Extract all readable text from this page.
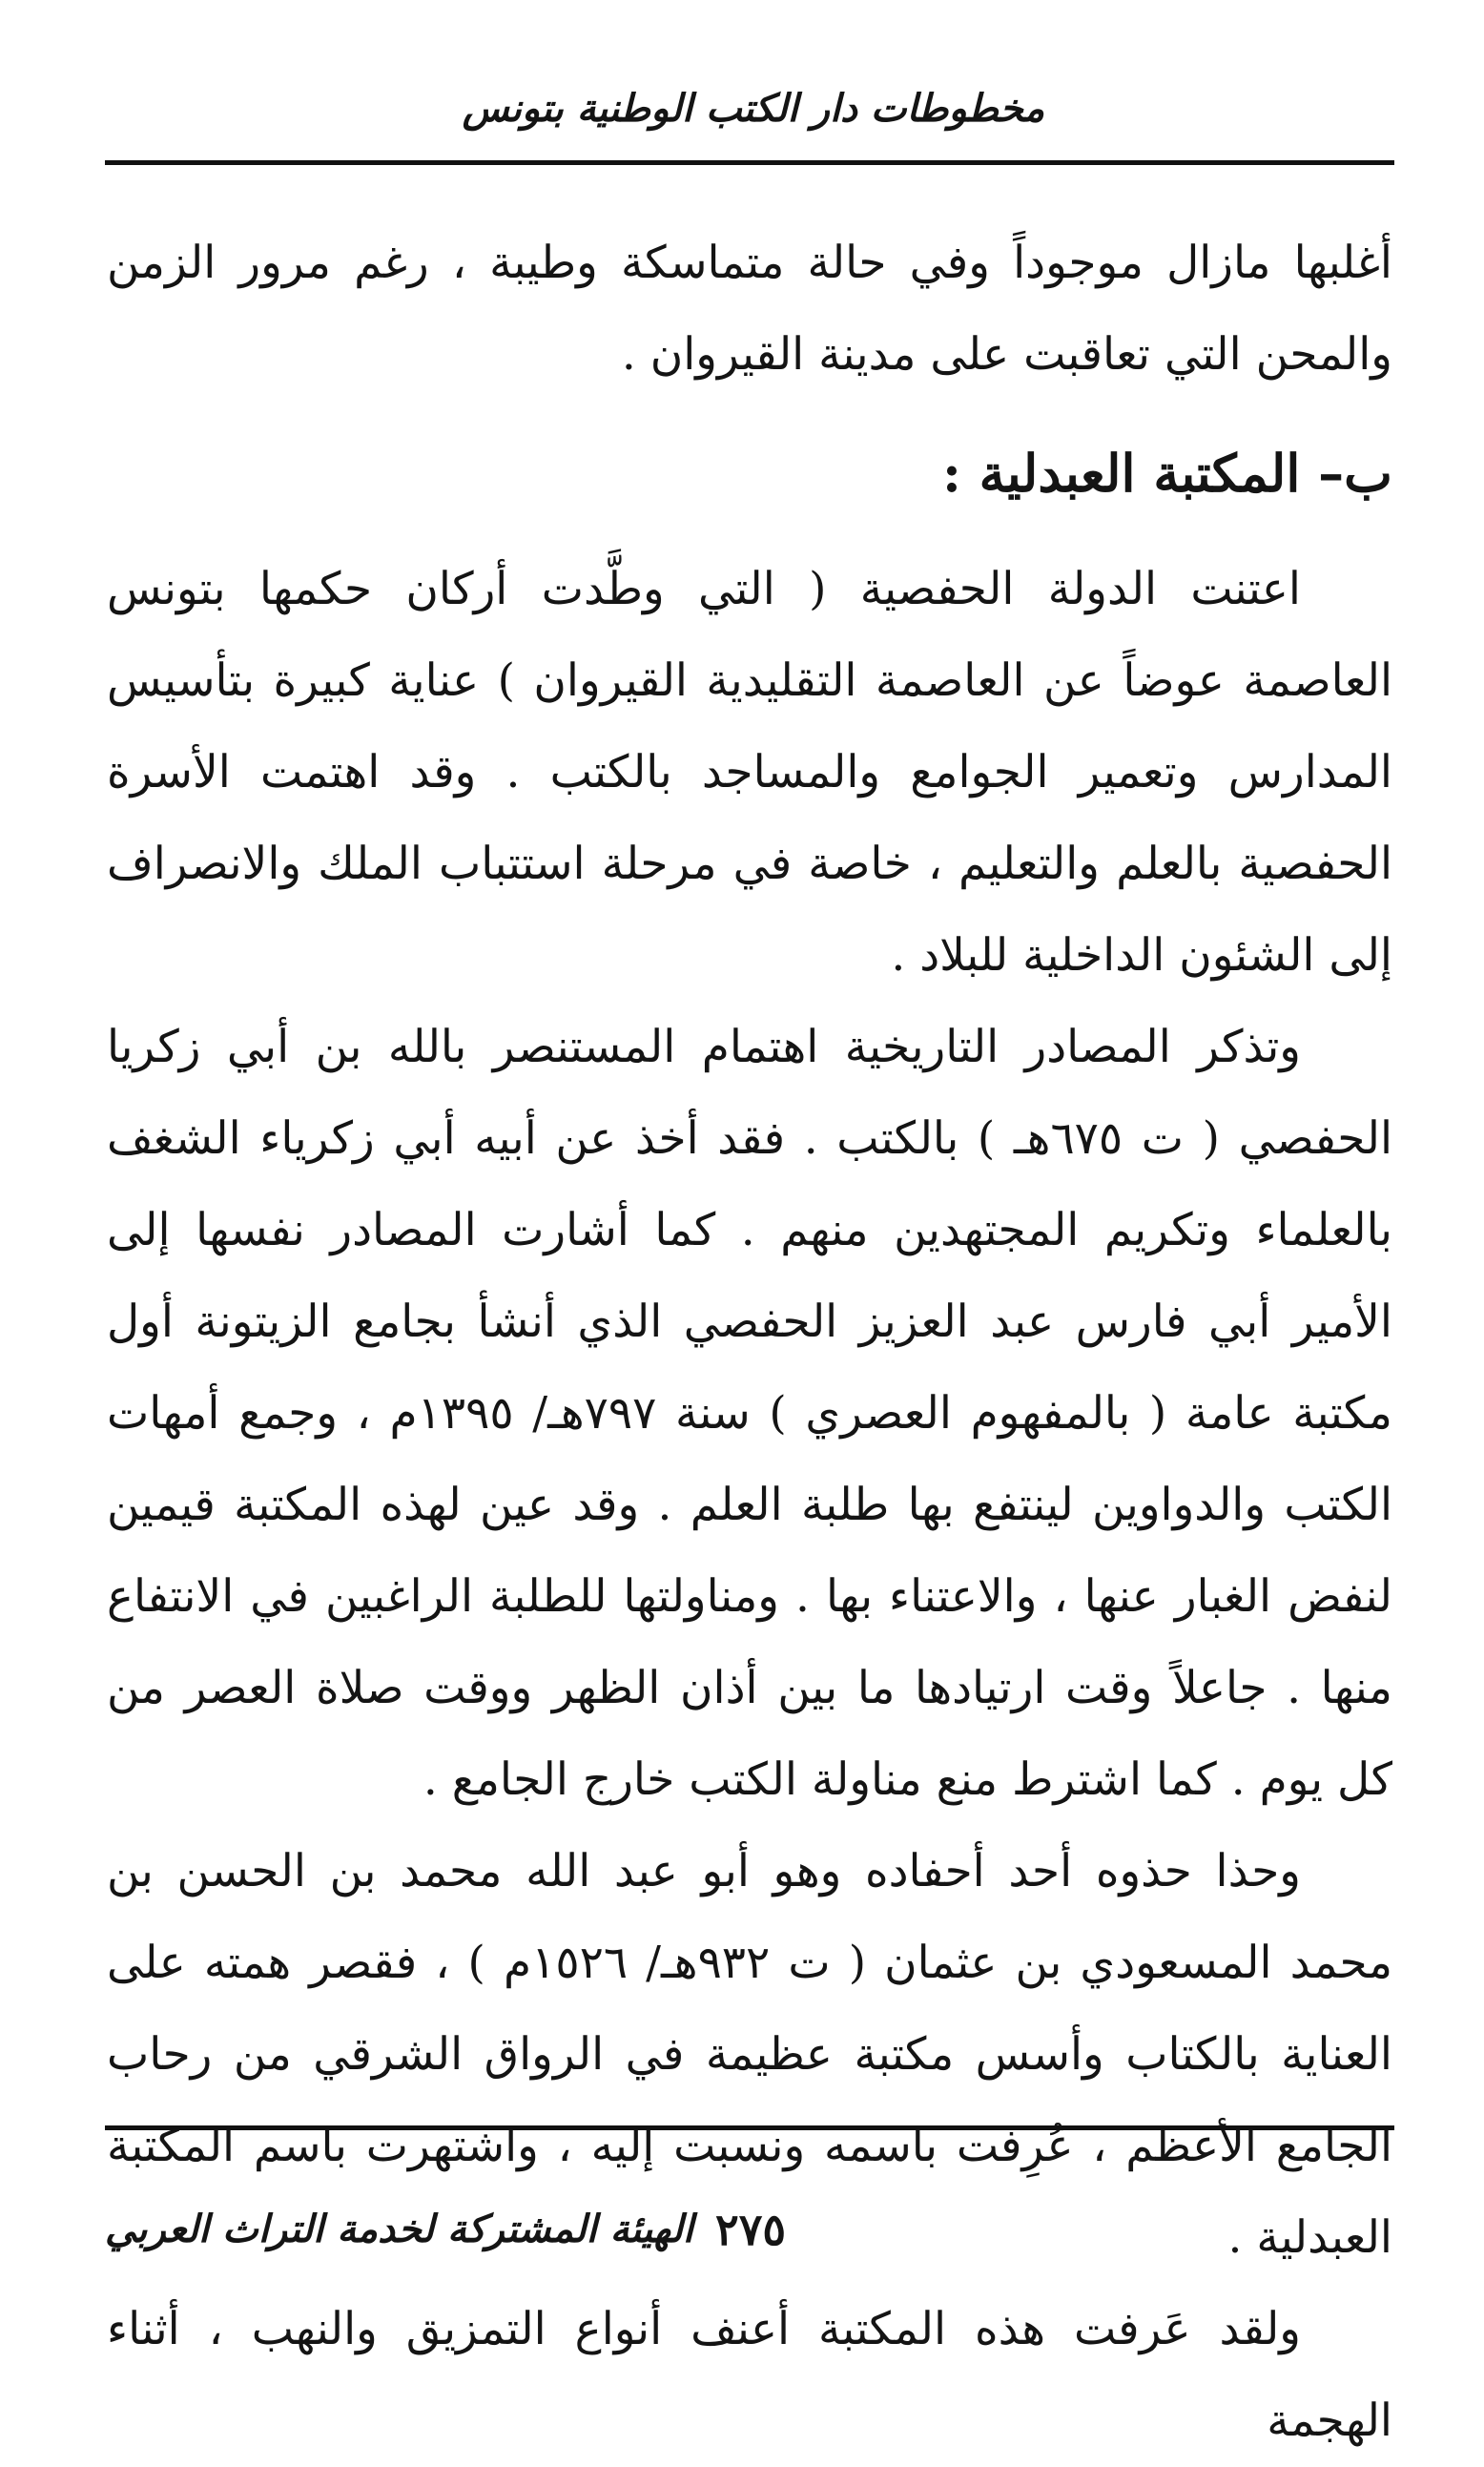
مخطوطات دار الكتب الوطنية بتونس

أغلبها مازال موجوداً وفي حالة متماسكة وطيبة ، رغم مرور الزمن والمحن التي تعاقبت على مدينة القيروان .

ب– المكتبة العبدلية :

اعتنت الدولة الحفصية ( التي وطَّدت أركان حكمها بتونس العاصمة عوضاً عن العاصمة التقليدية القيروان ) عناية كبيرة بتأسيس المدارس وتعمير الجوامع والمساجد بالكتب . وقد اهتمت الأسرة الحفصية بالعلم والتعليم ، خاصة في مرحلة استتباب الملك والانصراف إلى الشئون الداخلية للبلاد .

وتذكر المصادر التاريخية اهتمام المستنصر بالله بن أبي زكريا الحفصي ( ت ٦٧٥هـ ) بالكتب . فقد أخذ عن أبيه أبي زكرياء الشغف بالعلماء وتكريم المجتهدين منهم . كما أشارت المصادر نفسها إلى الأمير أبي فارس عبد العزيز الحفصي الذي أنشأ بجامع الزيتونة أول مكتبة عامة ( بالمفهوم العصري ) سنة ٧٩٧هـ/ ١٣٩٥م ، وجمع أمهات الكتب والدواوين لينتفع بها طلبة العلم . وقد عين لهذه المكتبة قيمين لنفض الغبار عنها ، والاعتناء بها . ومناولتها للطلبة الراغبين في الانتفاع منها . جاعلاً وقت ارتيادها ما بين أذان الظهر ووقت صلاة العصر من كل يوم . كما اشترط منع مناولة الكتب خارج الجامع .

وحذا حذوه أحد أحفاده وهو أبو عبد الله محمد بن الحسن بن محمد المسعودي بن عثمان ( ت ٩٣٢هـ/ ١٥٢٦م ) ، فقصر همته على العناية بالكتاب وأسس مكتبة عظيمة في الرواق الشرقي من رحاب الجامع الأعظم ، عُرِفت باسمه ونسبت إليه ، واشتهرت باسم المكتبة العبدلية .

ولقد عَرفت هذه المكتبة أعنف أنواع التمزيق والنهب ، أثناء الهجمة

٢٧٥
الهيئة المشتركة لخدمة التراث العربي
